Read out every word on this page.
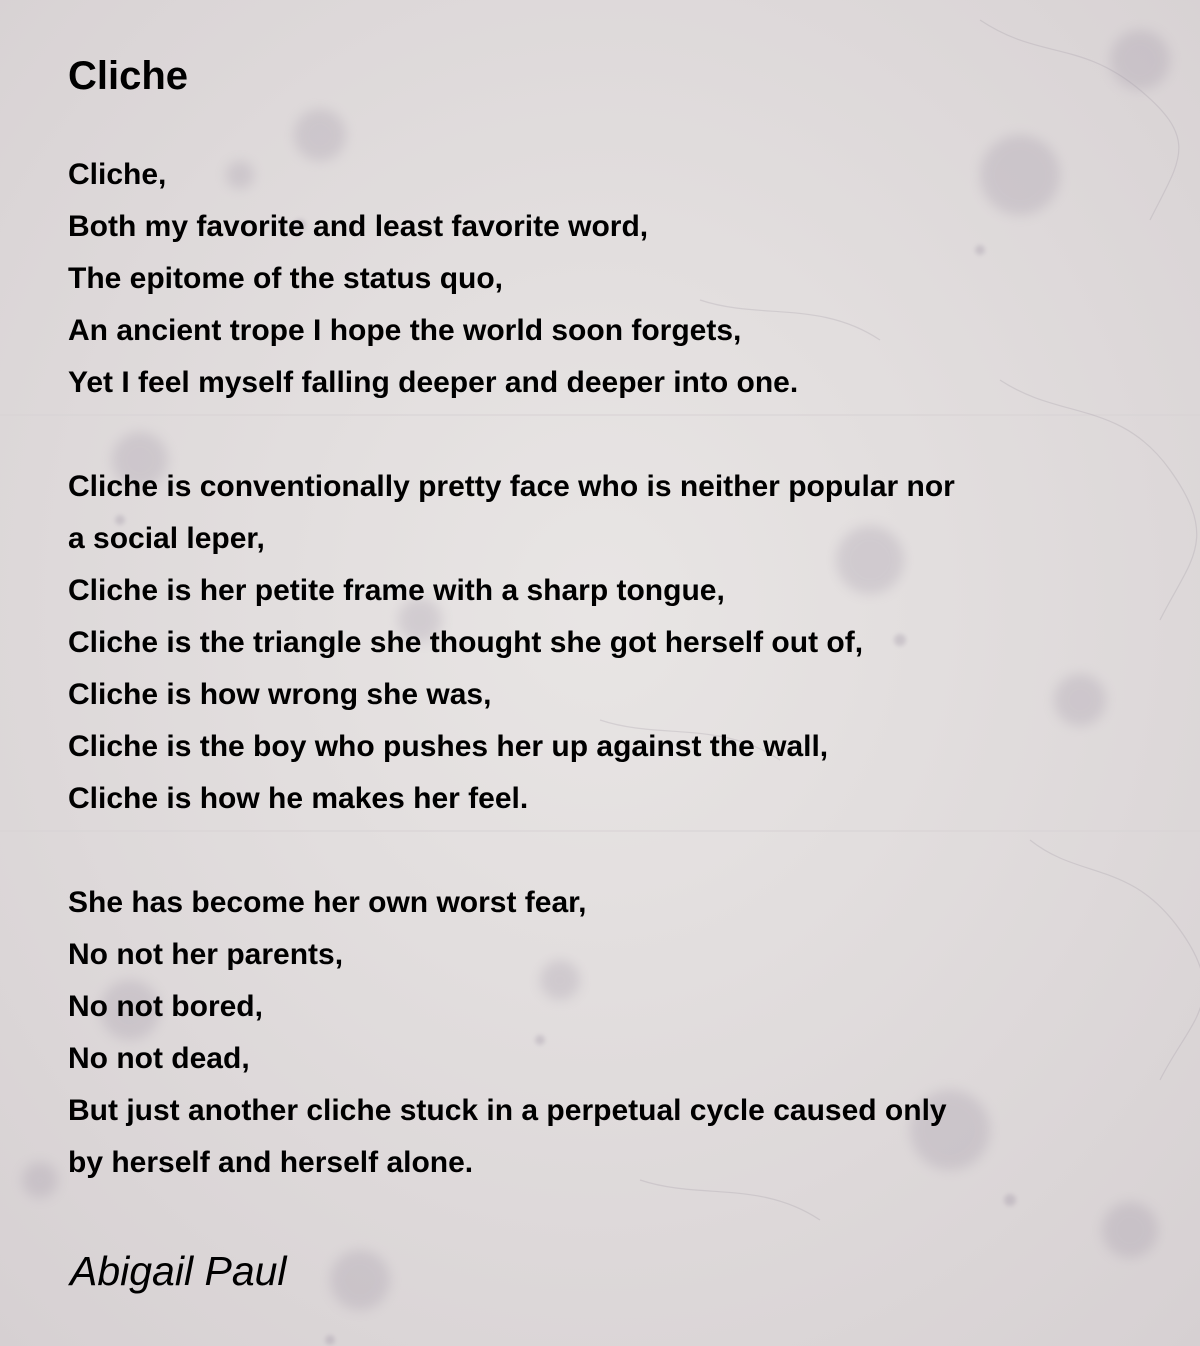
Cliche
Cliche,
Both my favorite and least favorite word,
The epitome of the status quo,
An ancient trope I hope the world soon forgets,
Yet I feel myself falling deeper and deeper into one.
Cliche is conventionally pretty face who is neither popular nor
a social leper,
Cliche is her petite frame with a sharp tongue,
Cliche is the triangle she thought she got herself out of,
Cliche is how wrong she was,
Cliche is the boy who pushes her up against the wall,
Cliche is how he makes her feel.
She has become her own worst fear,
No not her parents,
No not bored,
No not dead,
But just another cliche stuck in a perpetual cycle caused only
by herself and herself alone.
Abigail Paul
